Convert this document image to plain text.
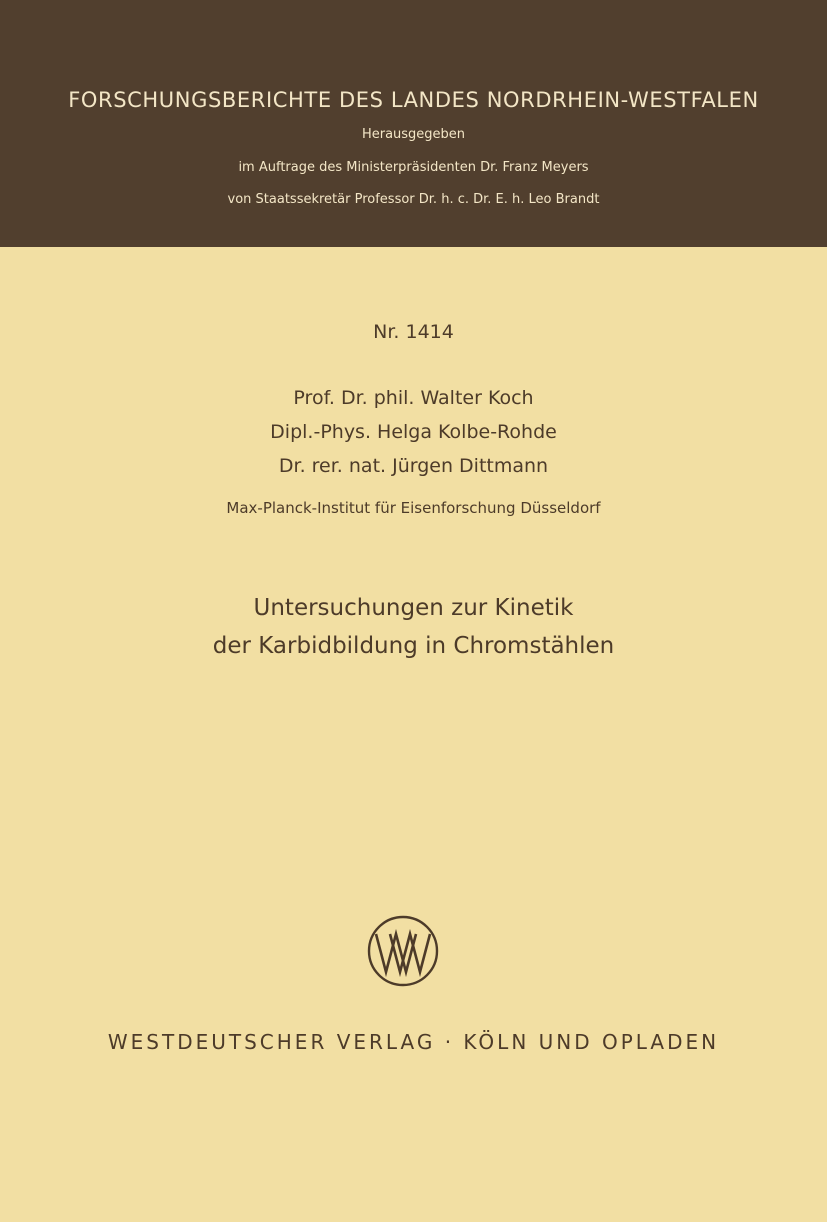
FORSCHUNGSBERICHTE DES LANDES NORDRHEIN-WESTFALEN
Herausgegeben
im Auftrage des Ministerpräsidenten Dr. Franz Meyers
von Staatssekretär Professor Dr. h. c. Dr. E. h. Leo Brandt
Nr. 1414
Prof. Dr. phil. Walter Koch
Dipl.-Phys. Helga Kolbe-Rohde
Dr. rer. nat. Jürgen Dittmann
Max-Planck-Institut für Eisenforschung Düsseldorf
Untersuchungen zur Kinetik
der Karbidbildung in Chromstählen
WESTDEUTSCHER VERLAG · KÖLN UND OPLADEN
